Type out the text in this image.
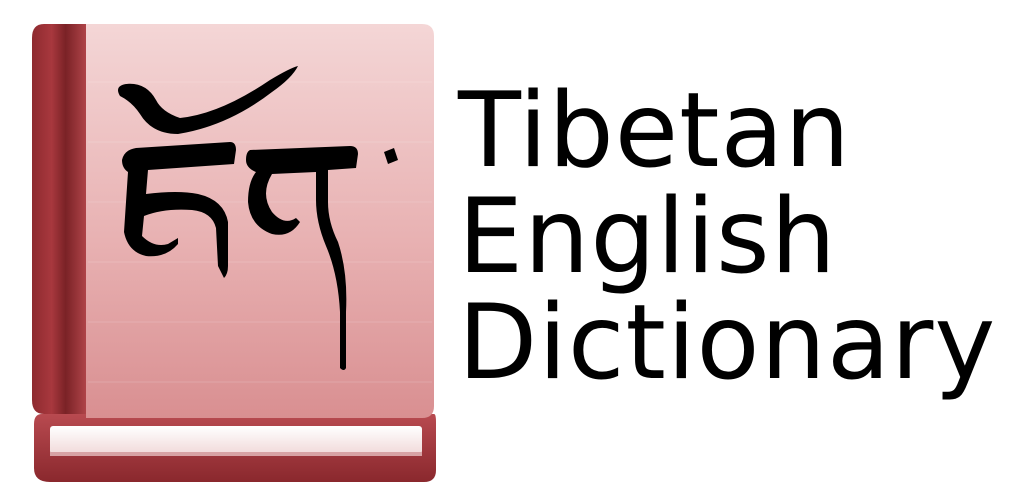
Tibetan
English
Dictionary
